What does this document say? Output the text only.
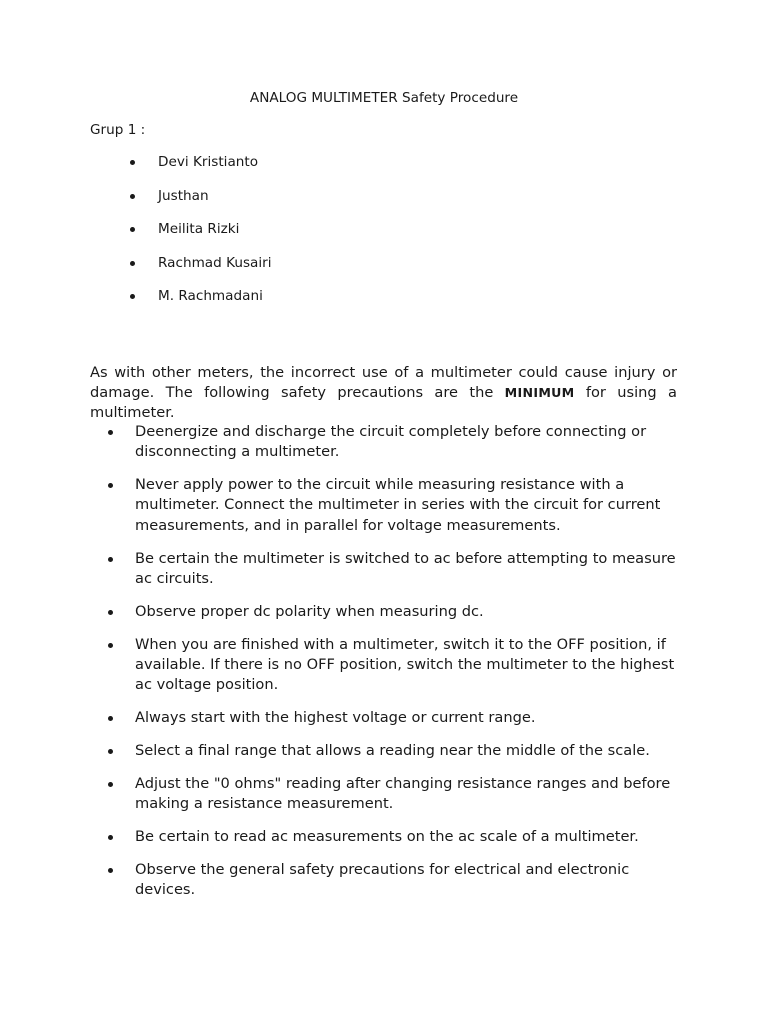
ANALOG MULTIMETER Safety Procedure
Grup 1 :
Devi Kristianto
Justhan
Meilita Rizki
Rachmad Kusairi
M. Rachmadani

As with other meters, the incorrect use of a multimeter could cause injury or damage. The following safety precautions are the MINIMUM for using a multimeter.

Deenergize and discharge the circuit completely before connecting or disconnecting a multimeter.
Never apply power to the circuit while measuring resistance with a multimeter. Connect the multimeter in series with the circuit for current measurements, and in parallel for voltage measurements.
Be certain the multimeter is switched to ac before attempting to measure ac circuits.
Observe proper dc polarity when measuring dc.
When you are finished with a multimeter, switch it to the OFF position, if available. If there is no OFF position, switch the multimeter to the highest ac voltage position.
Always start with the highest voltage or current range.
Select a final range that allows a reading near the middle of the scale.
Adjust the "0 ohms" reading after changing resistance ranges and before making a resistance measurement.
Be certain to read ac measurements on the ac scale of a multimeter.
Observe the general safety precautions for electrical and electronic devices.
